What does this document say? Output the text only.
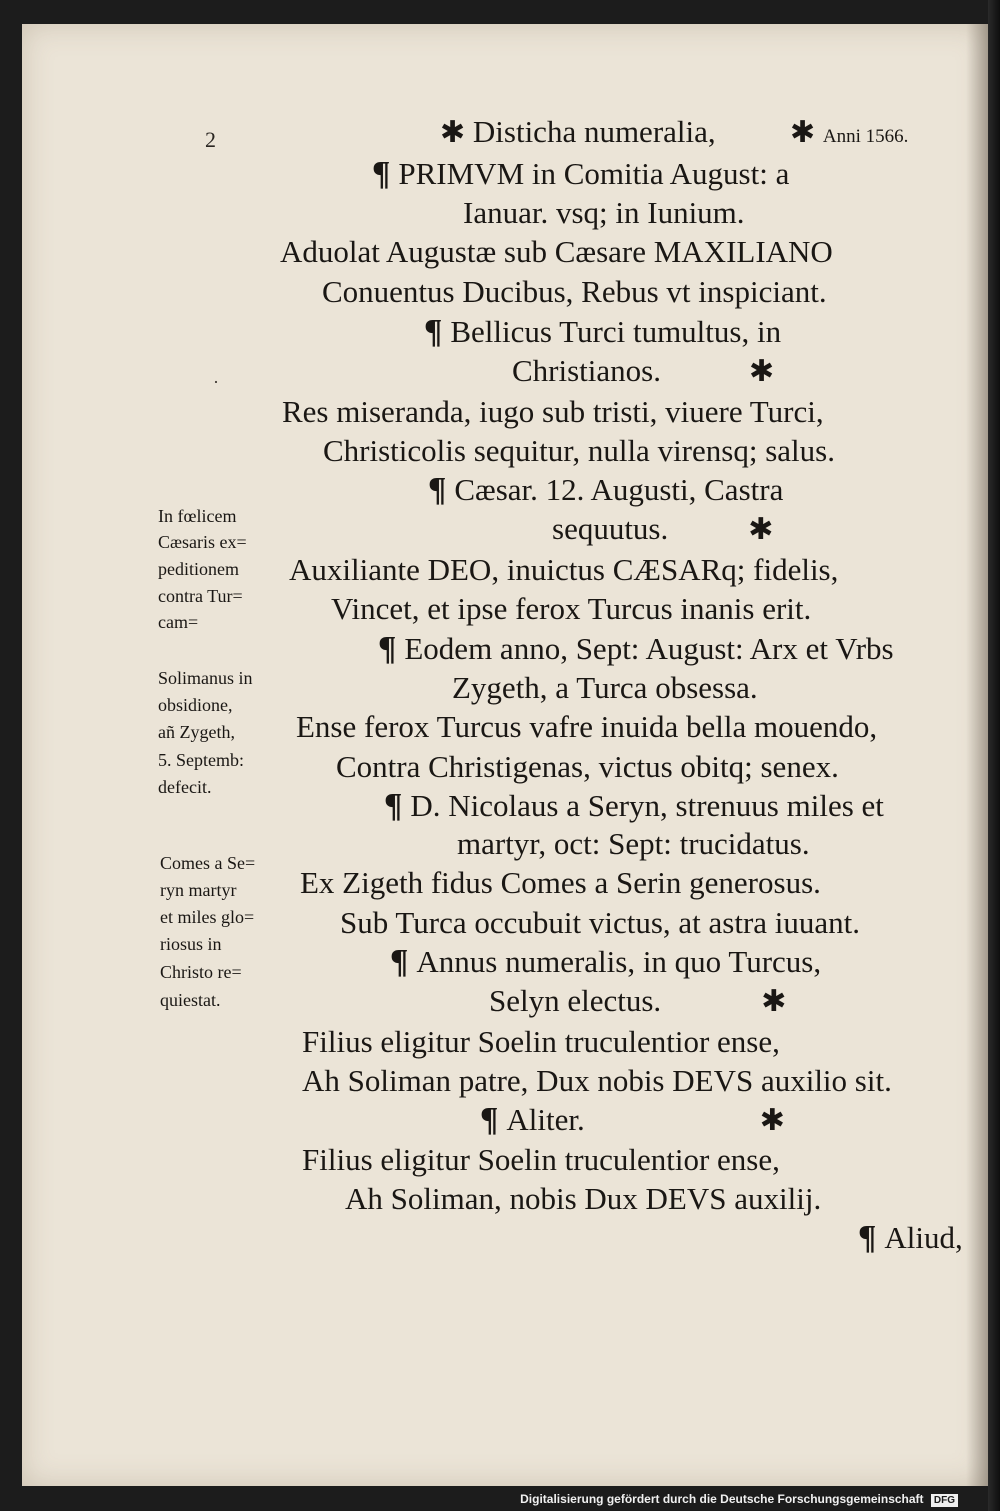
2
·
✱ Disticha numeralia, ✱ Anni 1566.
¶ PRIMVM in Comitia August: a
Ianuar. vsq; in Iunium.
Aduolat Augustæ sub Cæsare MAXILIANO
Conuentus Ducibus, Rebus vt inspiciant.
¶ Bellicus Turci tumultus, in
Christianos.	✱
Res miseranda, iugo sub tristi, viuere Turci,
Christicolis sequitur, nulla virensq; salus.
¶ Cæsar. 12. Augusti, Castra
sequutus.	✱
Auxiliante DEO, inuictus CÆSARq; fidelis,
Vincet, et ipse ferox Turcus inanis erit.
¶ Eodem anno, Sept: August: Arx et Vrbs
Zygeth, a Turca obsessa.
Ense ferox Turcus vafre inuida bella mouendo,
Contra Christigenas, victus obitq; senex.
¶ D. Nicolaus a Seryn, strenuus miles et
martyr, oct: Sept: trucidatus.
Ex Zigeth fidus Comes a Serin generosus.
Sub Turca occubuit victus, at astra iuuant.
¶ Annus numeralis, in quo Turcus,
Selyn electus.	✱
Filius eligitur Soelin truculentior ense,
Ah Soliman patre, Dux nobis DEVS auxilio sit.
¶ Aliter.	✱
Filius eligitur Soelin truculentior ense,
Ah Soliman, nobis Dux DEVS auxilij.
¶ Aliud,
In fœlicem
Cæsaris ex=
peditionem
contra Tur=
cam=
Solimanus in
obsidione,
añ Zygeth,
5. Septemb:
defecit.
Comes a Se=
ryn martyr
et miles glo=
riosus in
Christo re=
quiestat.
Digitalisierung gefördert durch die Deutsche Forschungsgemeinschaft DFG
